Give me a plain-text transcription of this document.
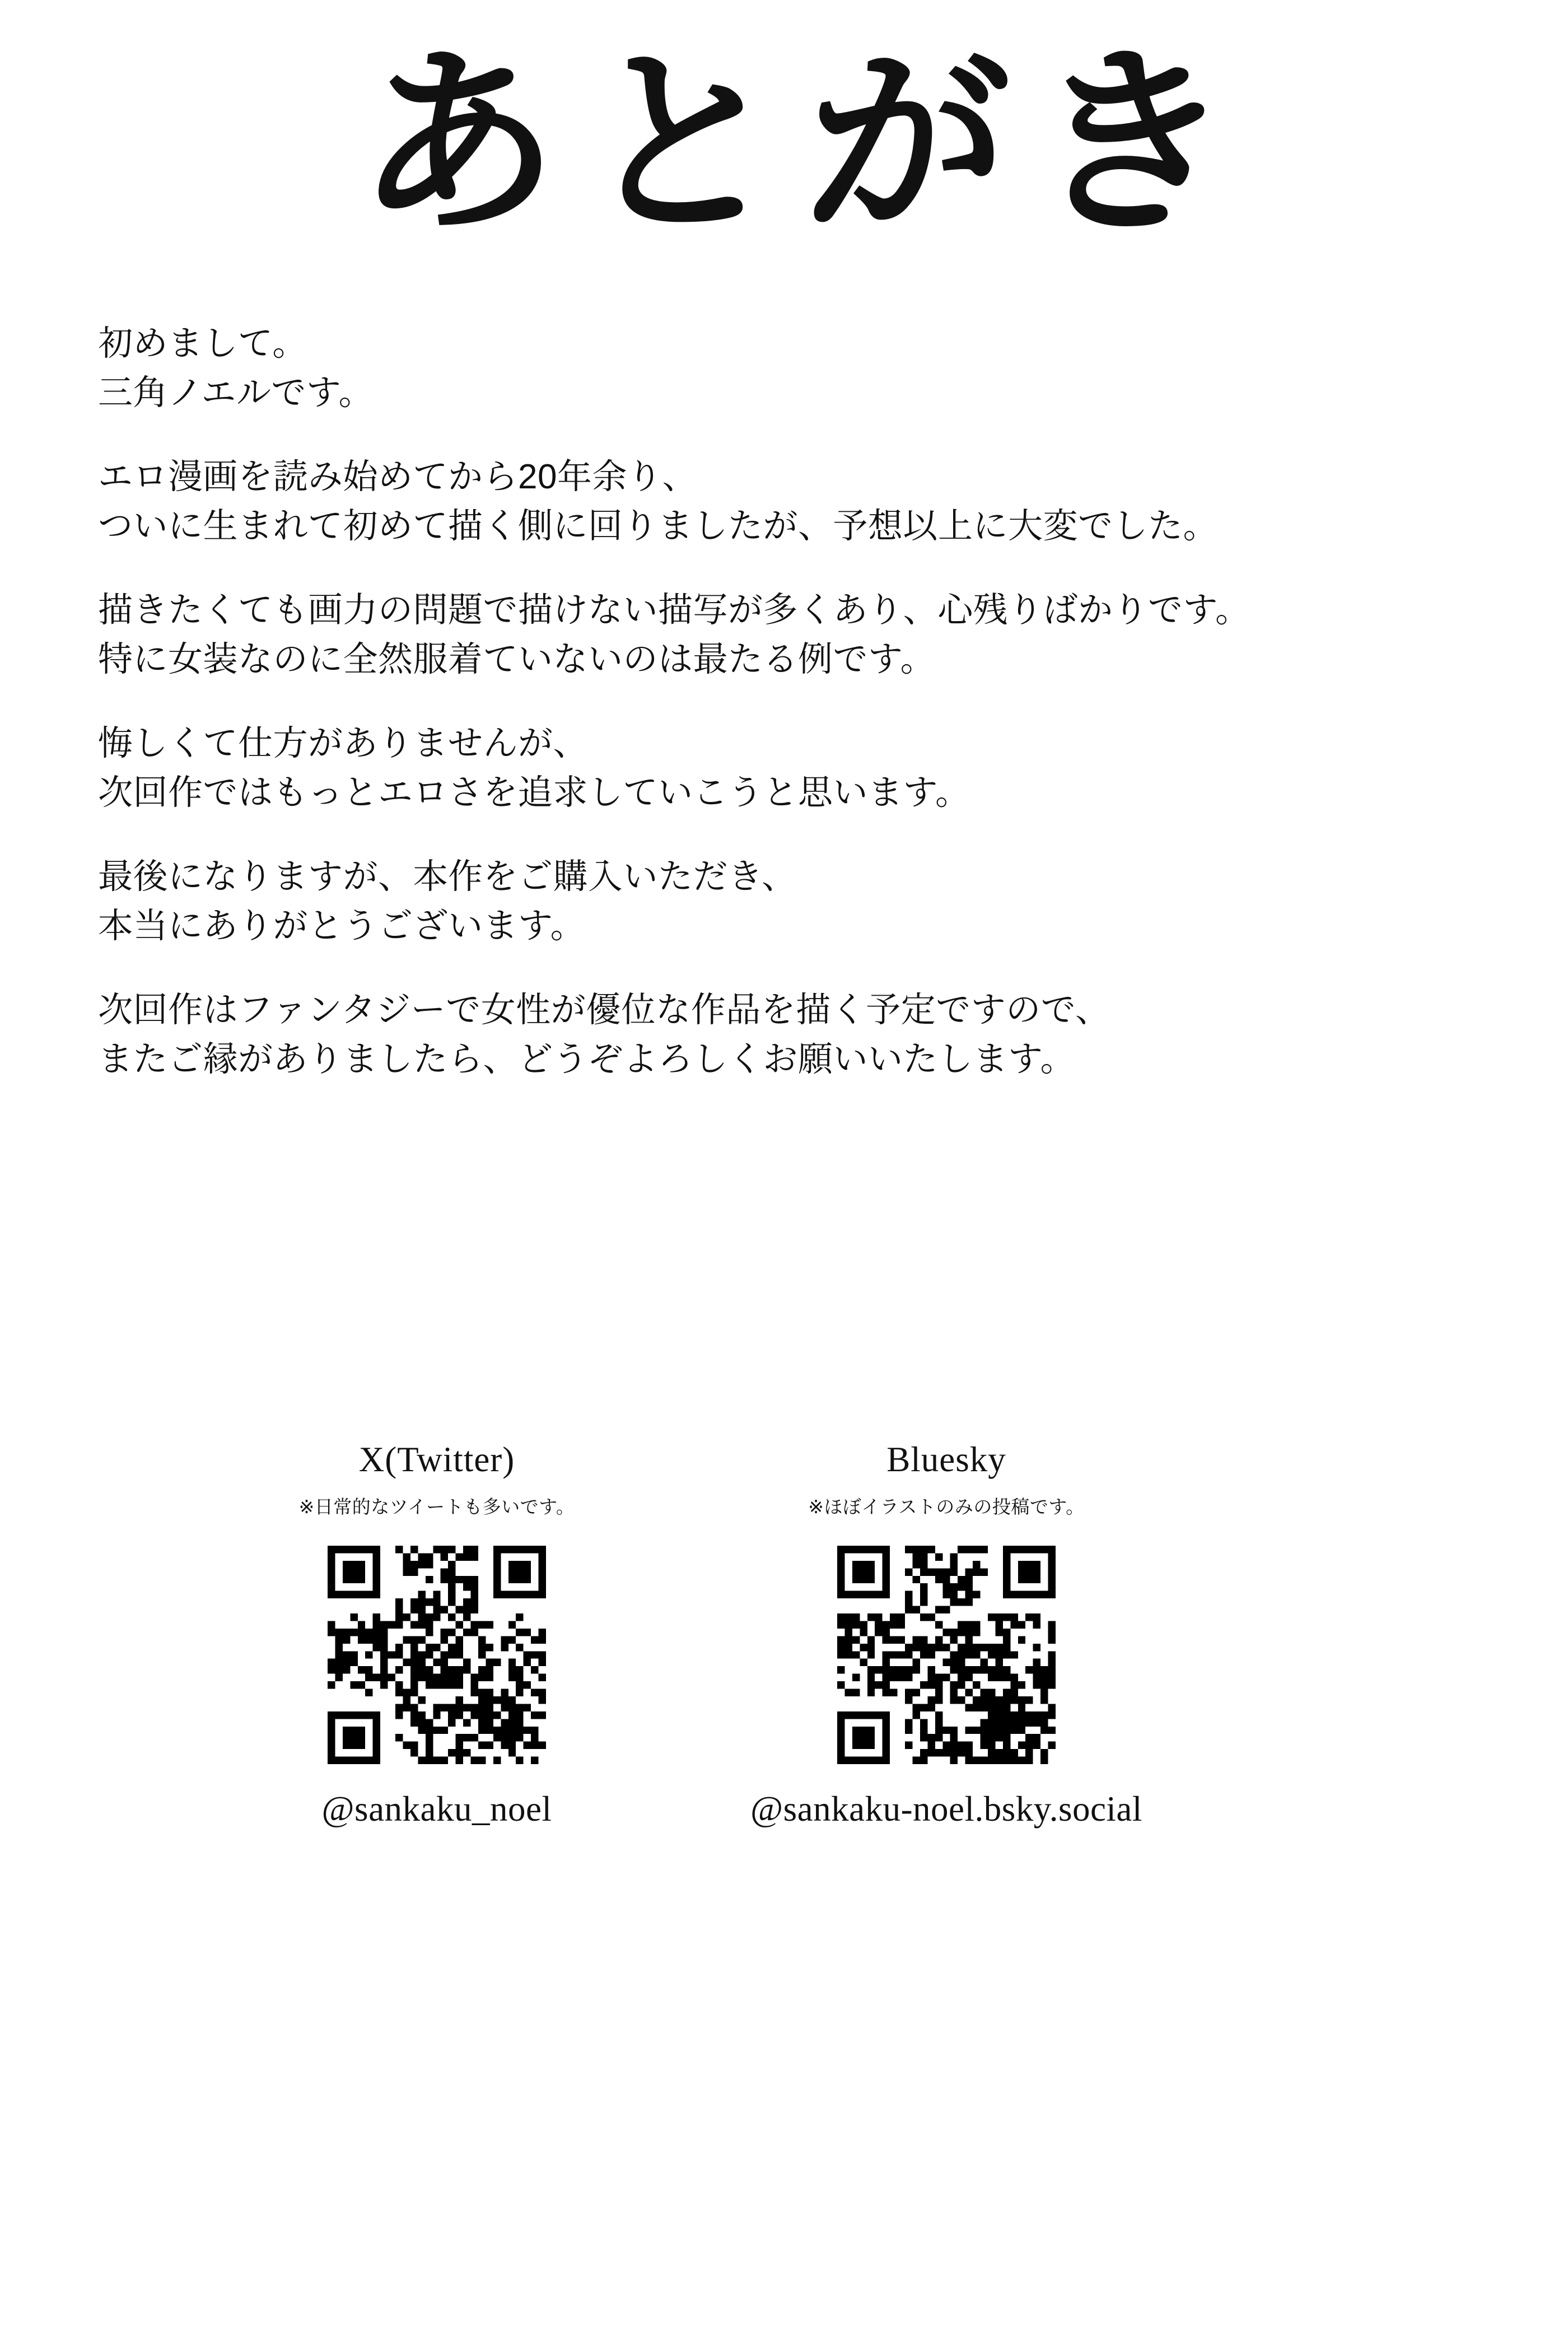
あとがき
初めまして。
三角ノエルです。
エロ漫画を読み始めてから20年余り、
ついに生まれて初めて描く側に回りましたが、予想以上に大変でした。
描きたくても画力の問題で描けない描写が多くあり、心残りばかりです。
特に女装なのに全然服着ていないのは最たる例です。
悔しくて仕方がありませんが、
次回作ではもっとエロさを追求していこうと思います。
最後になりますが、本作をご購入いただき、
本当にありがとうございます。
次回作はファンタジーで女性が優位な作品を描く予定ですので、
またご縁がありましたら、どうぞよろしくお願いいたします。
X(Twitter)
※日常的なツイートも多いです。
@sankaku_noel
Bluesky
※ほぼイラストのみの投稿です。
@sankaku-noel.bsky.social
